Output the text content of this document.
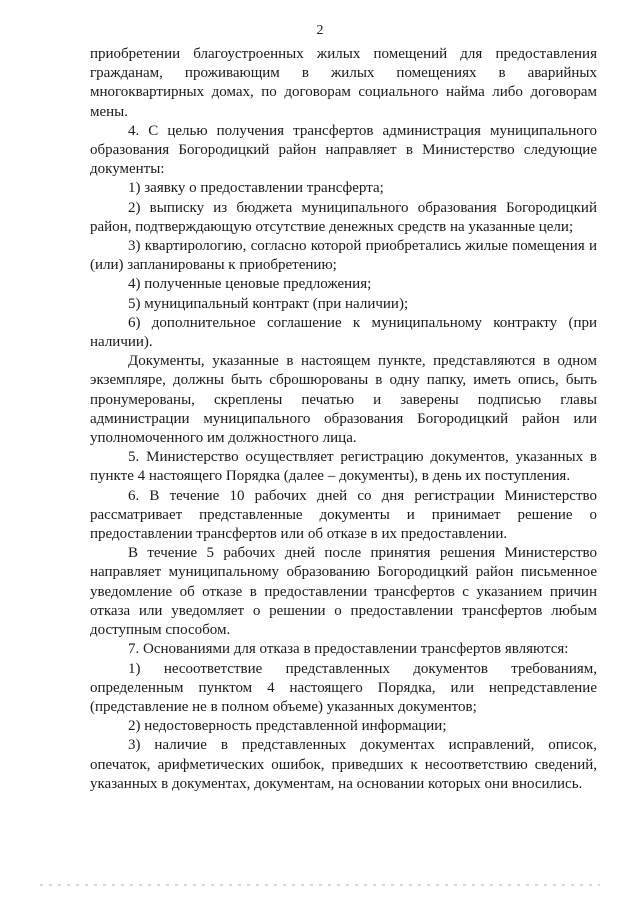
2

приобретении благоустроенных жилых помещений для предоставления гражданам, проживающим в жилых помещениях в аварийных многоквартирных домах, по договорам социального найма либо договорам мены.

4. С целью получения трансфертов администрация муниципального образования Богородицкий район направляет в Министерство следующие документы:

1) заявку о предоставлении трансферта;

2) выписку из бюджета муниципального образования Богородицкий район, подтверждающую отсутствие денежных средств на указанные цели;

3) квартирологию, согласно которой приобретались жилые помещения и (или) запланированы к приобретению;

4) полученные ценовые предложения;

5) муниципальный контракт (при наличии);

6) дополнительное соглашение к муниципальному контракту (при наличии).

Документы, указанные в настоящем пункте, представляются в одном экземпляре, должны быть сброшюрованы в одну папку, иметь опись, быть пронумерованы, скреплены печатью и заверены подписью главы администрации муниципального образования Богородицкий район или уполномоченного им должностного лица.

5. Министерство осуществляет регистрацию документов, указанных в пункте 4 настоящего Порядка (далее – документы), в день их поступления.

6. В течение 10 рабочих дней со дня регистрации Министерство рассматривает представленные документы и принимает решение о предоставлении трансфертов или об отказе в их предоставлении.

В течение 5 рабочих дней после принятия решения Министерство направляет муниципальному образованию Богородицкий район письменное уведомление об отказе в предоставлении трансфертов с указанием причин отказа или уведомляет о решении о предоставлении трансфертов любым доступным способом.

7. Основаниями для отказа в предоставлении трансфертов являются:

1) несоответствие представленных документов требованиям, определенным пунктом 4 настоящего Порядка, или непредставление (представление не в полном объеме) указанных документов;

2) недостоверность представленной информации;

3) наличие в представленных документах исправлений, описок, опечаток, арифметических ошибок, приведших к несоответствию сведений, указанных в документах, документам, на основании которых они вносились.
